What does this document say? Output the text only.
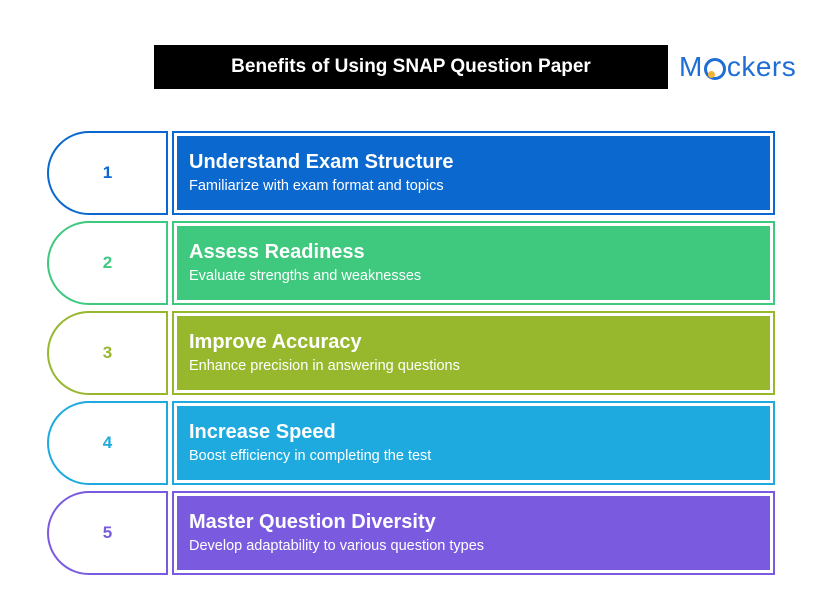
Benefits of Using SNAP Question Paper	M ckers
1	Understand Exam Structure
Familiarize with exam format and topics
2	Assess Readiness
Evaluate strengths and weaknesses
3	Improve Accuracy
Enhance precision in answering questions
4	Increase Speed
Boost efficiency in completing the test
5	Master Question Diversity
Develop adaptability to various question types
